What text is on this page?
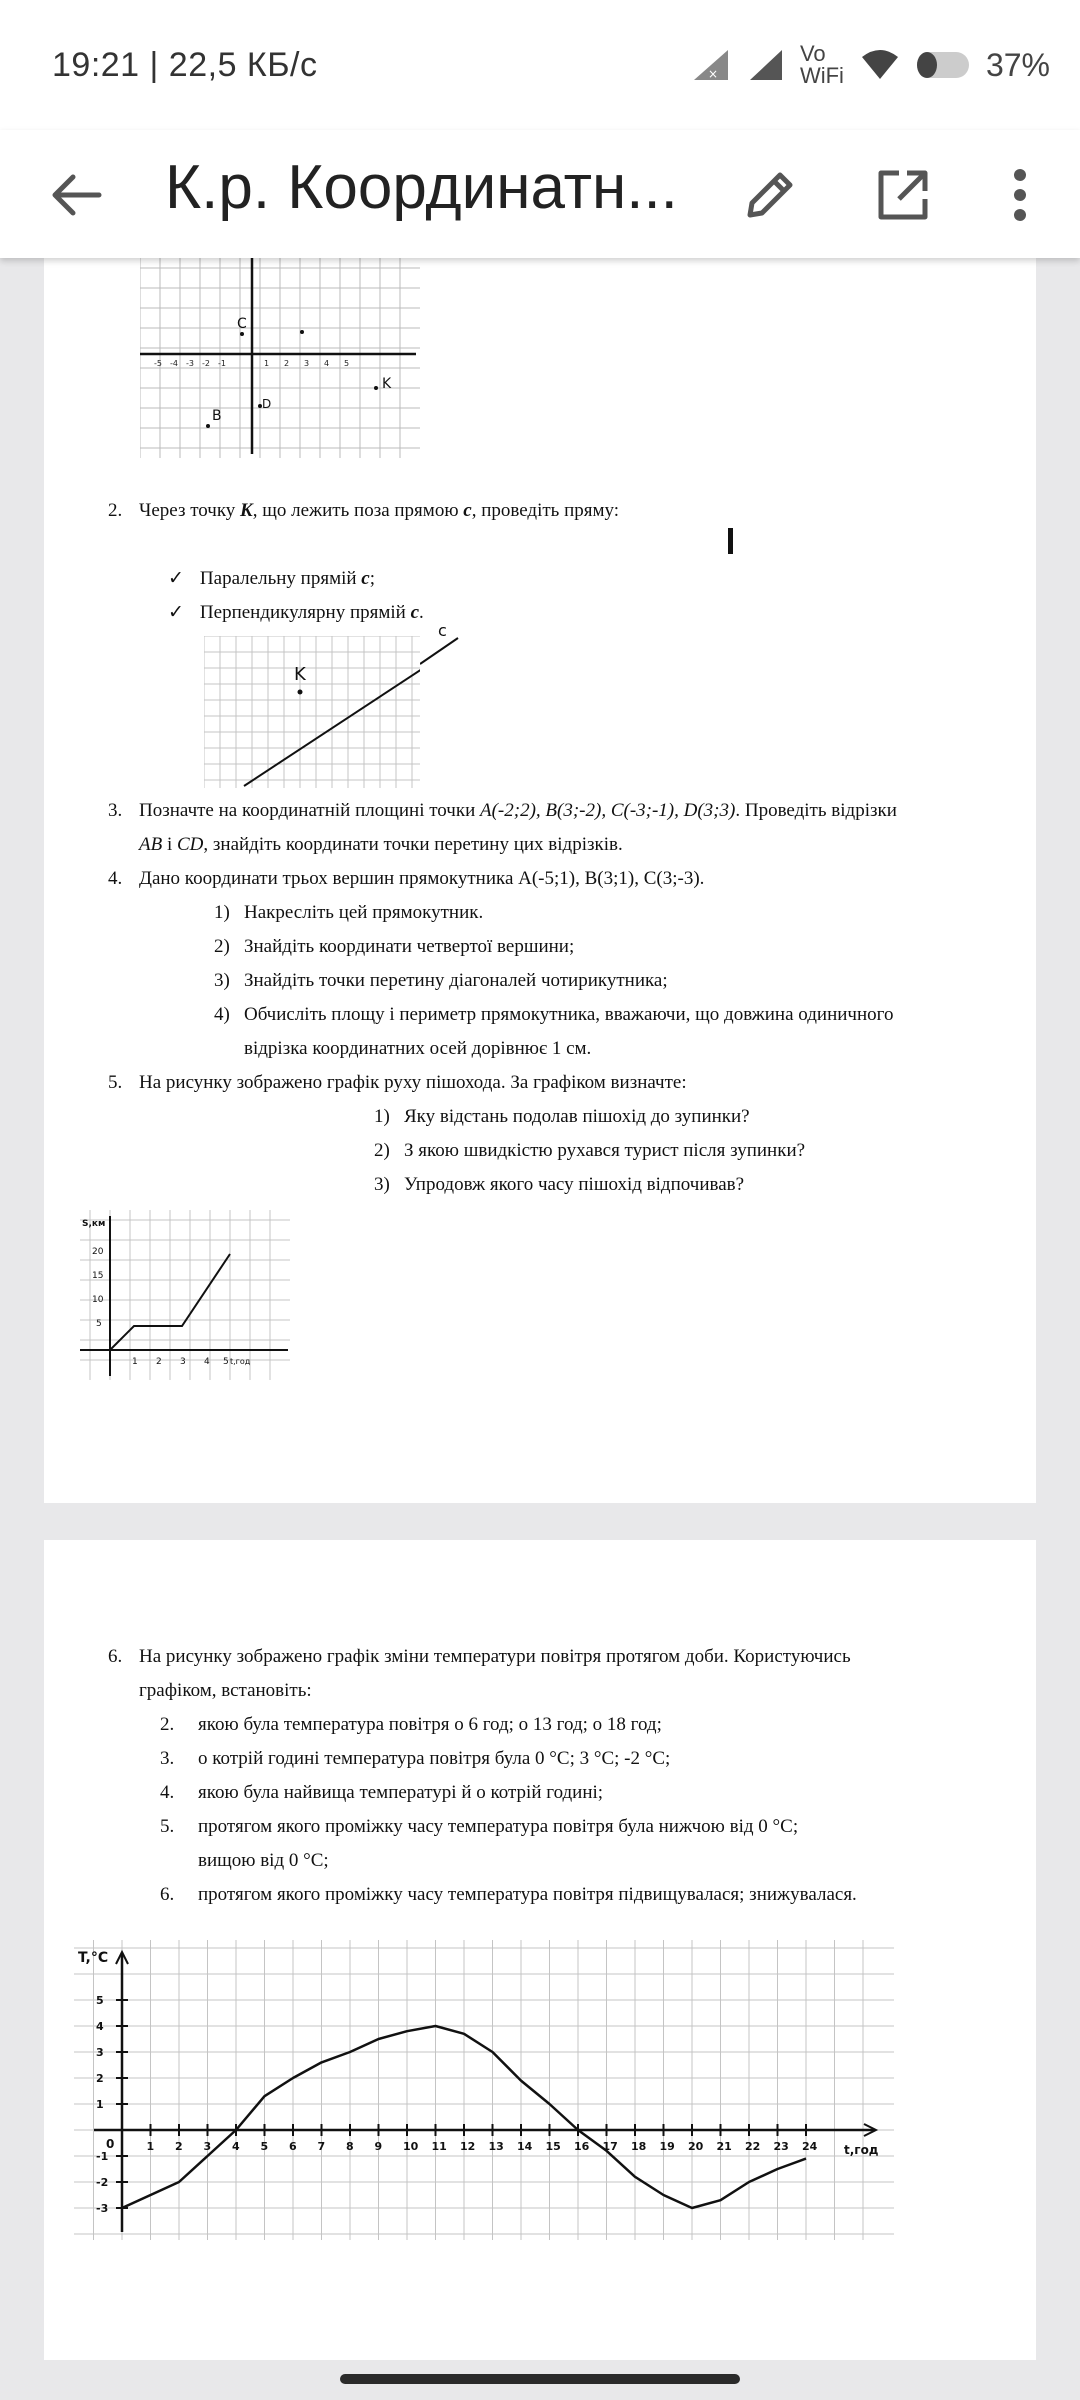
19:21 | 22,5 КБ/с	×
Vo
WiFi	37%
К.р. Координатн...
-5 -4 -3 -2 -1	1 2 3 4 5
C
B
K
D
2. Через точку K, що лежить поза прямою c, проведіть пряму:
✓ Паралельну прямій c;
✓ Перпендикулярну прямій c.
K
c
3. Позначте на координатній площині точки A(-2;2), B(3;-2), C(-3;-1), D(3;3). Проведіть відрізки
AB і CD, знайдіть координати точки перетину цих відрізків.
4. Дано координати трьох вершин прямокутника A(-5;1), B(3;1), C(3;-3).
1) Накресліть цей прямокутник.
2) Знайдіть координати четвертої вершини;
3) Знайдіть точки перетину діагоналей чотирикутника;
4) Обчисліть площу і периметр прямокутника, вважаючи, що довжина одиничного
відрізка координатних осей дорівнює 1 см.
5. На рисунку зображено графік руху пішохода. За графіком визначте:
1) Яку відстань подолав пішохід до зупинки?
2) З якою швидкістю рухався турист після зупинки?
3) Упродовж якого часу пішохід відпочивав?
S,км
t,год
20
15
10
5
1 2 3 4 5
6. На рисунку зображено графік зміни температури повітря протягом доби. Користуючись
графіком, встановіть:
2. якою була температура повітря о 6 год; о 13 год; о 18 год;
3. о котрій годині температура повітря була 0 °С; 3 °С; -2 °С;
4. якою була найвища температурі й о котрій годині;
5. протягом якого проміжку часу температура повітря була нижчою від 0 °С;
вищою від 0 °С;
6. протягом якого проміжку часу температура повітря підвищувалася; знижувалася.
1 2 3 4 5 6 7 8 9 10 11 12 13 14 15 16 17 18 19 20 21 22 23 24
5
4
3
2
1
-1
-2
-3
T,°C
t,год
0
